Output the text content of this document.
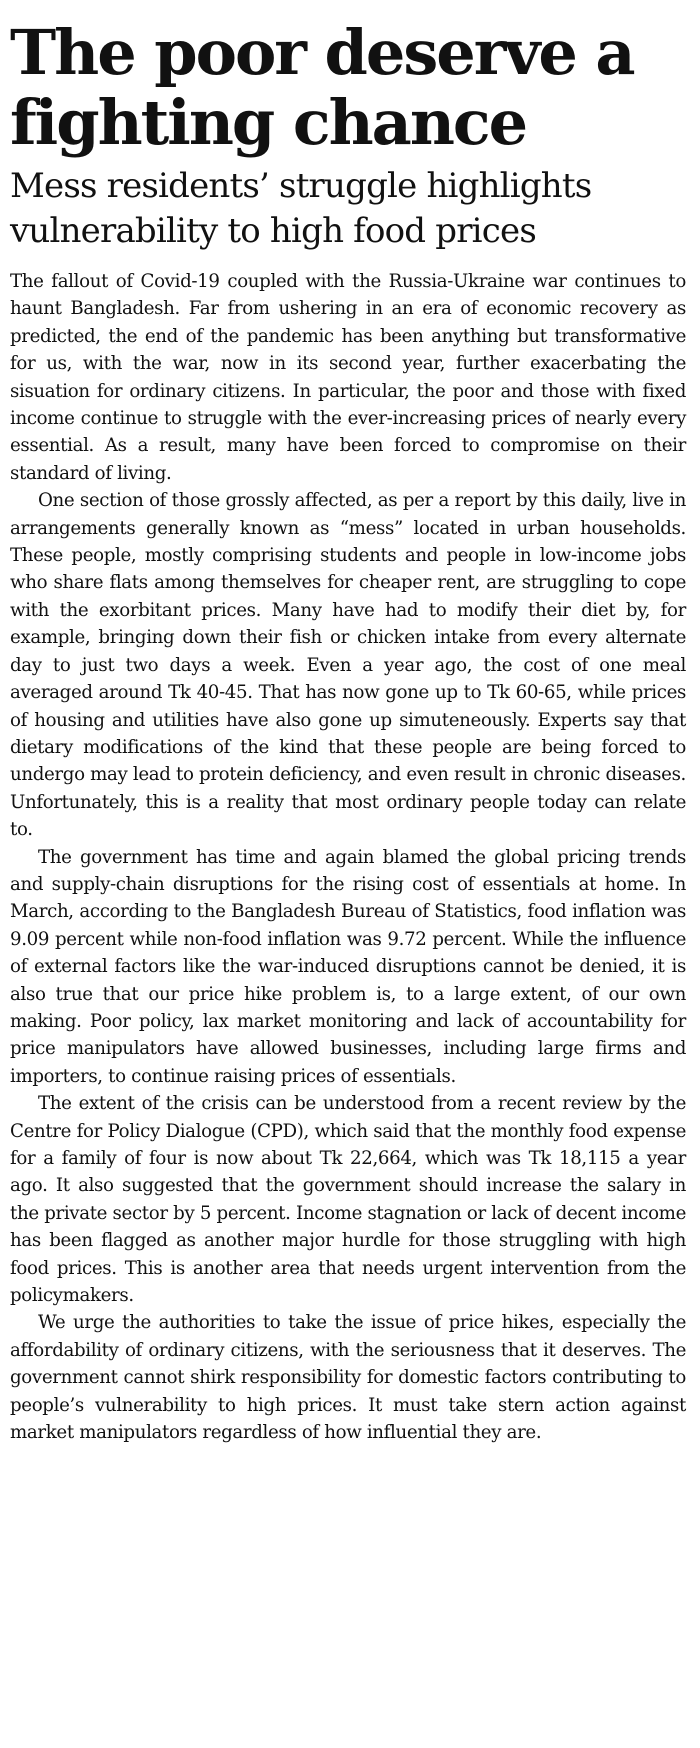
The poor deserve a fighting chance
Mess residents’ struggle highlights vulnerability to high food prices

The fallout of Covid-19 coupled with the Russia-Ukraine war continues to haunt Bangladesh. Far from ushering in an era of economic recovery as predicted, the end of the pandemic has been anything but transformative for us, with the war, now in its second year, further exacerbating the sisuation for ordinary citizens. In particular, the poor and those with fixed income continue to struggle with the ever-increasing prices of nearly every essential. As a result, many have been forced to compromise on their standard of living.

One section of those grossly affected, as per a report by this daily, live in arrangements generally known as “mess” located in urban households. These people, mostly comprising students and people in low-income jobs who share flats among themselves for cheaper rent, are struggling to cope with the exorbitant prices. Many have had to modify their diet by, for example, bringing down their fish or chicken intake from every alternate day to just two days a week. Even a year ago, the cost of one meal averaged around Tk 40-45. That has now gone up to Tk 60-65, while prices of housing and utilities have also gone up simuteneously. Experts say that dietary modifications of the kind that these people are being forced to undergo may lead to protein deficiency, and even result in chronic diseases. Unfortunately, this is a reality that most ordinary people today can relate to.

The government has time and again blamed the global pricing trends and supply-chain disruptions for the rising cost of essentials at home. In March, according to the Bangladesh Bureau of Statistics, food inflation was 9.09 percent while non-food inflation was 9.72 percent. While the influence of external factors like the war-induced disruptions cannot be denied, it is also true that our price hike problem is, to a large extent, of our own making. Poor policy, lax market monitoring and lack of accountability for price manipulators have allowed businesses, including large firms and importers, to continue raising prices of essentials.

The extent of the crisis can be understood from a recent review by the Centre for Policy Dialogue (CPD), which said that the monthly food expense for a family of four is now about Tk 22,664, which was Tk 18,115 a year ago. It also suggested that the government should increase the salary in the private sector by 5 percent. Income stagnation or lack of decent income has been flagged as another major hurdle for those struggling with high food prices. This is another area that needs urgent intervention from the policymakers.

We urge the authorities to take the issue of price hikes, especially the affordability of ordinary citizens, with the seriousness that it deserves. The government cannot shirk responsibility for domestic factors contributing to people’s vulnerability to high prices. It must take stern action against market manipulators regardless of how influential they are.
